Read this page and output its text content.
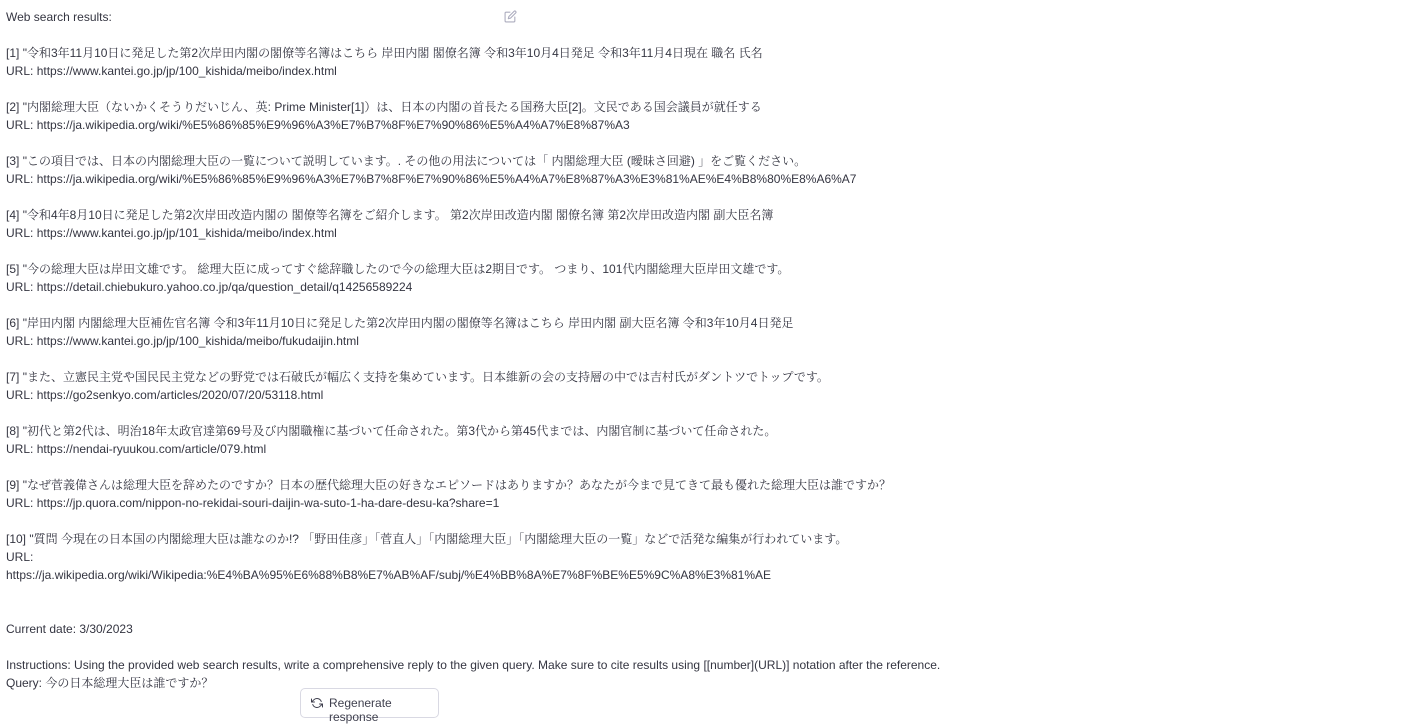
Web search results:
[1] "令和3年11月10日に発足した第2次岸田内閣の閣僚等名簿はこちら 岸田内閣 閣僚名簿 令和3年10月4日発足 令和3年11月4日現在 職名 氏名
URL: https://www.kantei.go.jp/jp/100_kishida/meibo/index.html
[2] "内閣総理大臣（ないかくそうりだいじん、英: Prime Minister[1]）は、日本の内閣の首長たる国務大臣[2]。文民である国会議員が就任する
URL: https://ja.wikipedia.org/wiki/%E5%86%85%E9%96%A3%E7%B7%8F%E7%90%86%E5%A4%A7%E8%87%A3
[3] "この項目では、日本の内閣総理大臣の一覧について説明しています。. その他の用法については「 内閣総理大臣 (曖昧さ回避) 」をご覧ください。
URL: https://ja.wikipedia.org/wiki/%E5%86%85%E9%96%A3%E7%B7%8F%E7%90%86%E5%A4%A7%E8%87%A3%E3%81%AE%E4%B8%80%E8%A6%A7
[4] "令和4年8月10日に発足した第2次岸田改造内閣の 閣僚等名簿をご紹介します。 第2次岸田改造内閣 閣僚名簿 第2次岸田改造内閣 副大臣名簿
URL: https://www.kantei.go.jp/jp/101_kishida/meibo/index.html
[5] "今の総理大臣は岸田文雄です。 総理大臣に成ってすぐ総辞職したので今の総理大臣は2期目です。 つまり、101代内閣総理大臣岸田文雄です。
URL: https://detail.chiebukuro.yahoo.co.jp/qa/question_detail/q14256589224
[6] "岸田内閣 内閣総理大臣補佐官名簿 令和3年11月10日に発足した第2次岸田内閣の閣僚等名簿はこちら 岸田内閣 副大臣名簿 令和3年10月4日発足
URL: https://www.kantei.go.jp/jp/100_kishida/meibo/fukudaijin.html
[7] "また、立憲民主党や国民民主党などの野党では石破氏が幅広く支持を集めています。日本維新の会の支持層の中では吉村氏がダントツでトップです。
URL: https://go2senkyo.com/articles/2020/07/20/53118.html
[8] "初代と第2代は、明治18年太政官達第69号及び内閣職権に基づいて任命された。第3代から第45代までは、内閣官制に基づいて任命された。
URL: https://nendai-ryuukou.com/article/079.html
[9] "なぜ菅義偉さんは総理大臣を辞めたのですか？日本の歴代総理大臣の好きなエピソードはありますか？あなたが今まで見てきて最も優れた総理大臣は誰ですか？
URL: https://jp.quora.com/nippon-no-rekidai-souri-daijin-wa-suto-1-ha-dare-desu-ka?share=1
[10] "質問 今現在の日本国の内閣総理大臣は誰なのか!? 「野田佳彦」「菅直人」「内閣総理大臣」「内閣総理大臣の一覧」などで活発な編集が行われています。
URL:
https://ja.wikipedia.org/wiki/Wikipedia:%E4%BA%95%E6%88%B8%E7%AB%AF/subj/%E4%BB%8A%E7%8F%BE%E5%9C%A8%E3%81%AE
Current date: 3/30/2023
Instructions: Using the provided web search results, write a comprehensive reply to the given query. Make sure to cite results using [[number](URL)] notation after the reference.
Query: 今の日本総理大臣は誰ですか？
Regenerate response
